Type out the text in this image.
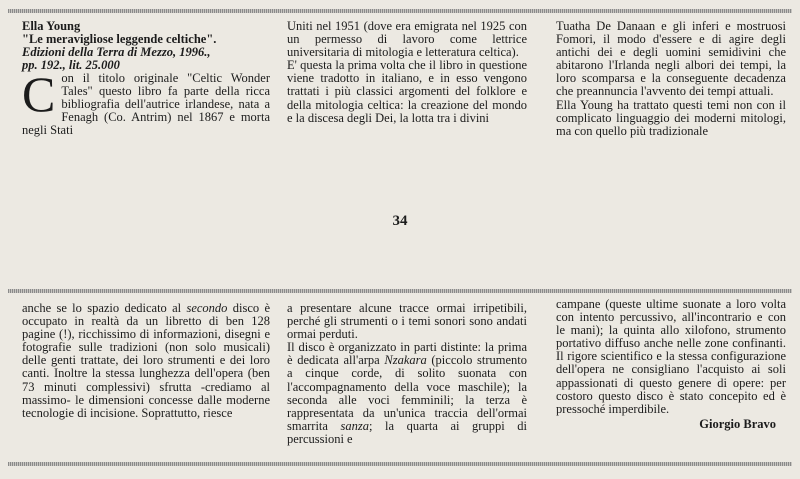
Ella Young
"Le meravigliose leggende celtiche".
Edizioni della Terra di Mezzo, 1996.,
pp. 192., lit. 25.000

Con il titolo originale "Celtic Wonder Tales" questo libro fa parte della ricca bibliografia dell'autrice irlandese, nata a Fenagh (Co. Antrim) nel 1867 e morta negli Stati

Uniti nel 1951 (dove era emigrata nel 1925 con un permesso di lavoro come lettrice universitaria di mitologia e letteratura celtica).

E' questa la prima volta che il libro in questione viene tradotto in italiano, e in esso vengono trattati i più classici argomenti del folklore e della mitologia celtica: la creazione del mondo e la discesa degli Dei, la lotta tra i divini

Tuatha De Danaan e gli inferi e mostruosi Fomori, il modo d'essere e di agire degli antichi dei e degli uomini semidivini che abitarono l'Irlanda negli albori dei tempi, la loro scomparsa e la conseguente decadenza che preannuncia l'avvento dei tempi attuali.

Ella Young ha trattato questi temi non con il complicato linguaggio dei moderni mitologi, ma con quello più tradizionale

34

anche se lo spazio dedicato al secondo disco è occupato in realtà da un libretto di ben 128 pagine (!), ricchissimo di informazioni, disegni e fotografie sulle tradizioni (non solo musicali) delle genti trattate, dei loro strumenti e dei loro canti. Inoltre la stessa lunghezza dell'opera (ben 73 minuti complessivi) sfrutta -crediamo al massimo- le dimensioni concesse dalle moderne tecnologie di incisione. Soprattutto, riesce

a presentare alcune tracce ormai irripetibili, perché gli strumenti o i temi sonori sono andati ormai perduti.

Il disco è organizzato in parti distinte: la prima è dedicata all'arpa Nzakara (piccolo strumento a cinque corde, di solito suonata con l'accompagnamento della voce maschile); la seconda alle voci femminili; la terza è rappresentata da un'unica traccia dell'ormai smarrita sanza; la quarta ai gruppi di percussioni e

campane (queste ultime suonate a loro volta con intento percussivo, all'incontrario e con le mani); la quinta allo xilofono, strumento portativo diffuso anche nelle zone confinanti. Il rigore scientifico e la stessa configurazione dell'opera ne consigliano l'acquisto ai soli appassionati di questo genere di opere: per costoro questo disco è stato concepito ed è pressoché imperdibile.

Giorgio Bravo
